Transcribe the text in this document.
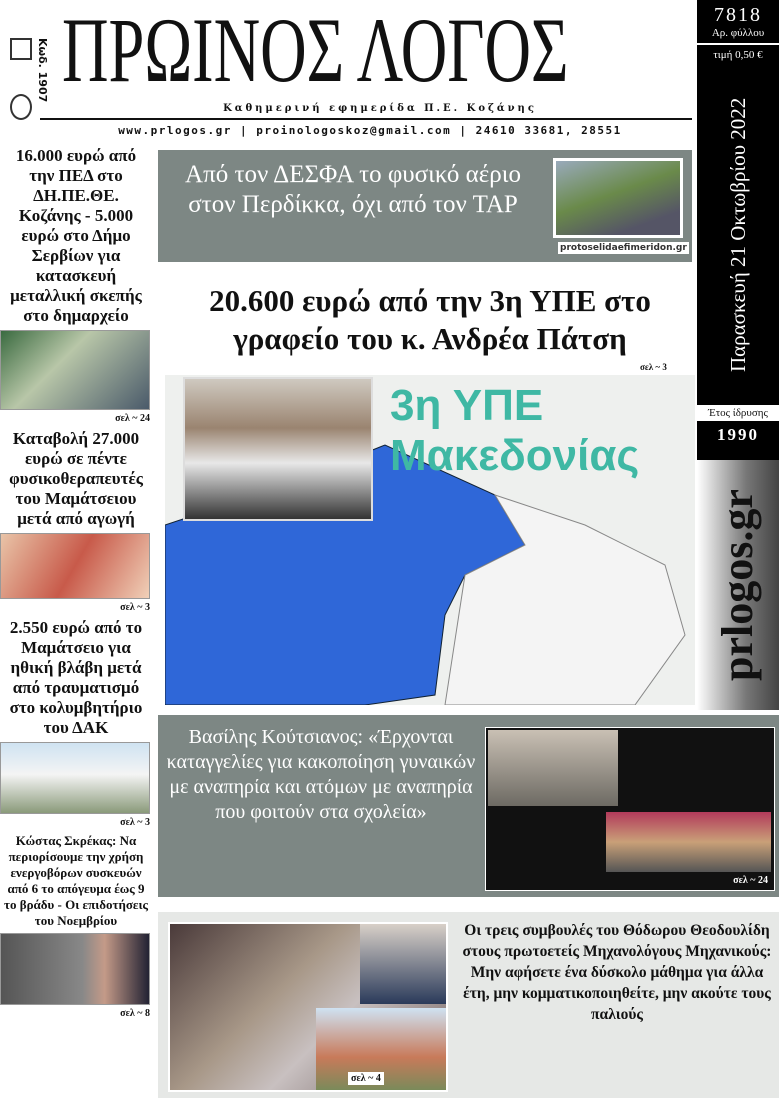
Κωδ. 1907 ΠΡΩΙΝΟΣ ΛΟΓΟΣ
Καθημερινή εφημερίδα Π.Ε. Κοζάνης
www.prlogos.gr | proinologoskoz@gmail.com | 24610 33681, 28551
7818
Αρ. φύλλου
τιμή 0,50 €
Παρασκευή 21 Οκτωβρίου 2022
Έτος ίδρυσης
1990
prlogos.gr
16.000 ευρώ από την ΠΕΔ στο ΔΗ.ΠΕ.ΘΕ. Κοζάνης - 5.000 ευρώ στο Δήμο Σερβίων για κατασκευή μεταλλική σκεπής στο δημαρχείο
σελ ~ 24
Καταβολή 27.000 ευρώ σε πέντε φυσικοθεραπευτές του Μαμάτσειου μετά από αγωγή
σελ ~ 3
2.550 ευρώ από το Μαμάτσειο για ηθική βλάβη μετά από τραυματισμό στο κολυμβητήριο του ΔΑΚ
σελ ~ 3
Κώστας Σκρέκας: Να περιορίσουμε την χρήση ενεργοβόρων συσκευών από 6 το απόγευμα έως 9 το βράδυ - Οι επιδοτήσεις του Νοεμβρίου
σελ ~ 8
Από τον ΔΕΣΦΑ το φυσικό αέριο στον Περδίκκα, όχι από τον ΤΑΡ
protoselidaefimeridon.gr
20.600 ευρώ από την 3η ΥΠΕ στο γραφείο του κ. Ανδρέα Πάτση
σελ ~ 3
3η ΥΠΕ Μακεδονίας
Βασίλης Κούτσιανος: «Έρχονται καταγγελίες για κακοποίηση γυναικών με αναπηρία και ατόμων με αναπηρία που φοιτούν στα σχολεία»
σελ ~ 24
σελ ~ 4
Οι τρεις συμβουλές του Θόδωρου Θεοδουλίδη στους πρωτοετείς Μηχανολόγους Μηχανικούς: Μην αφήσετε ένα δύσκολο μάθημα για άλλα έτη, μην κομματικοποιηθείτε, μην ακούτε τους παλιούς
